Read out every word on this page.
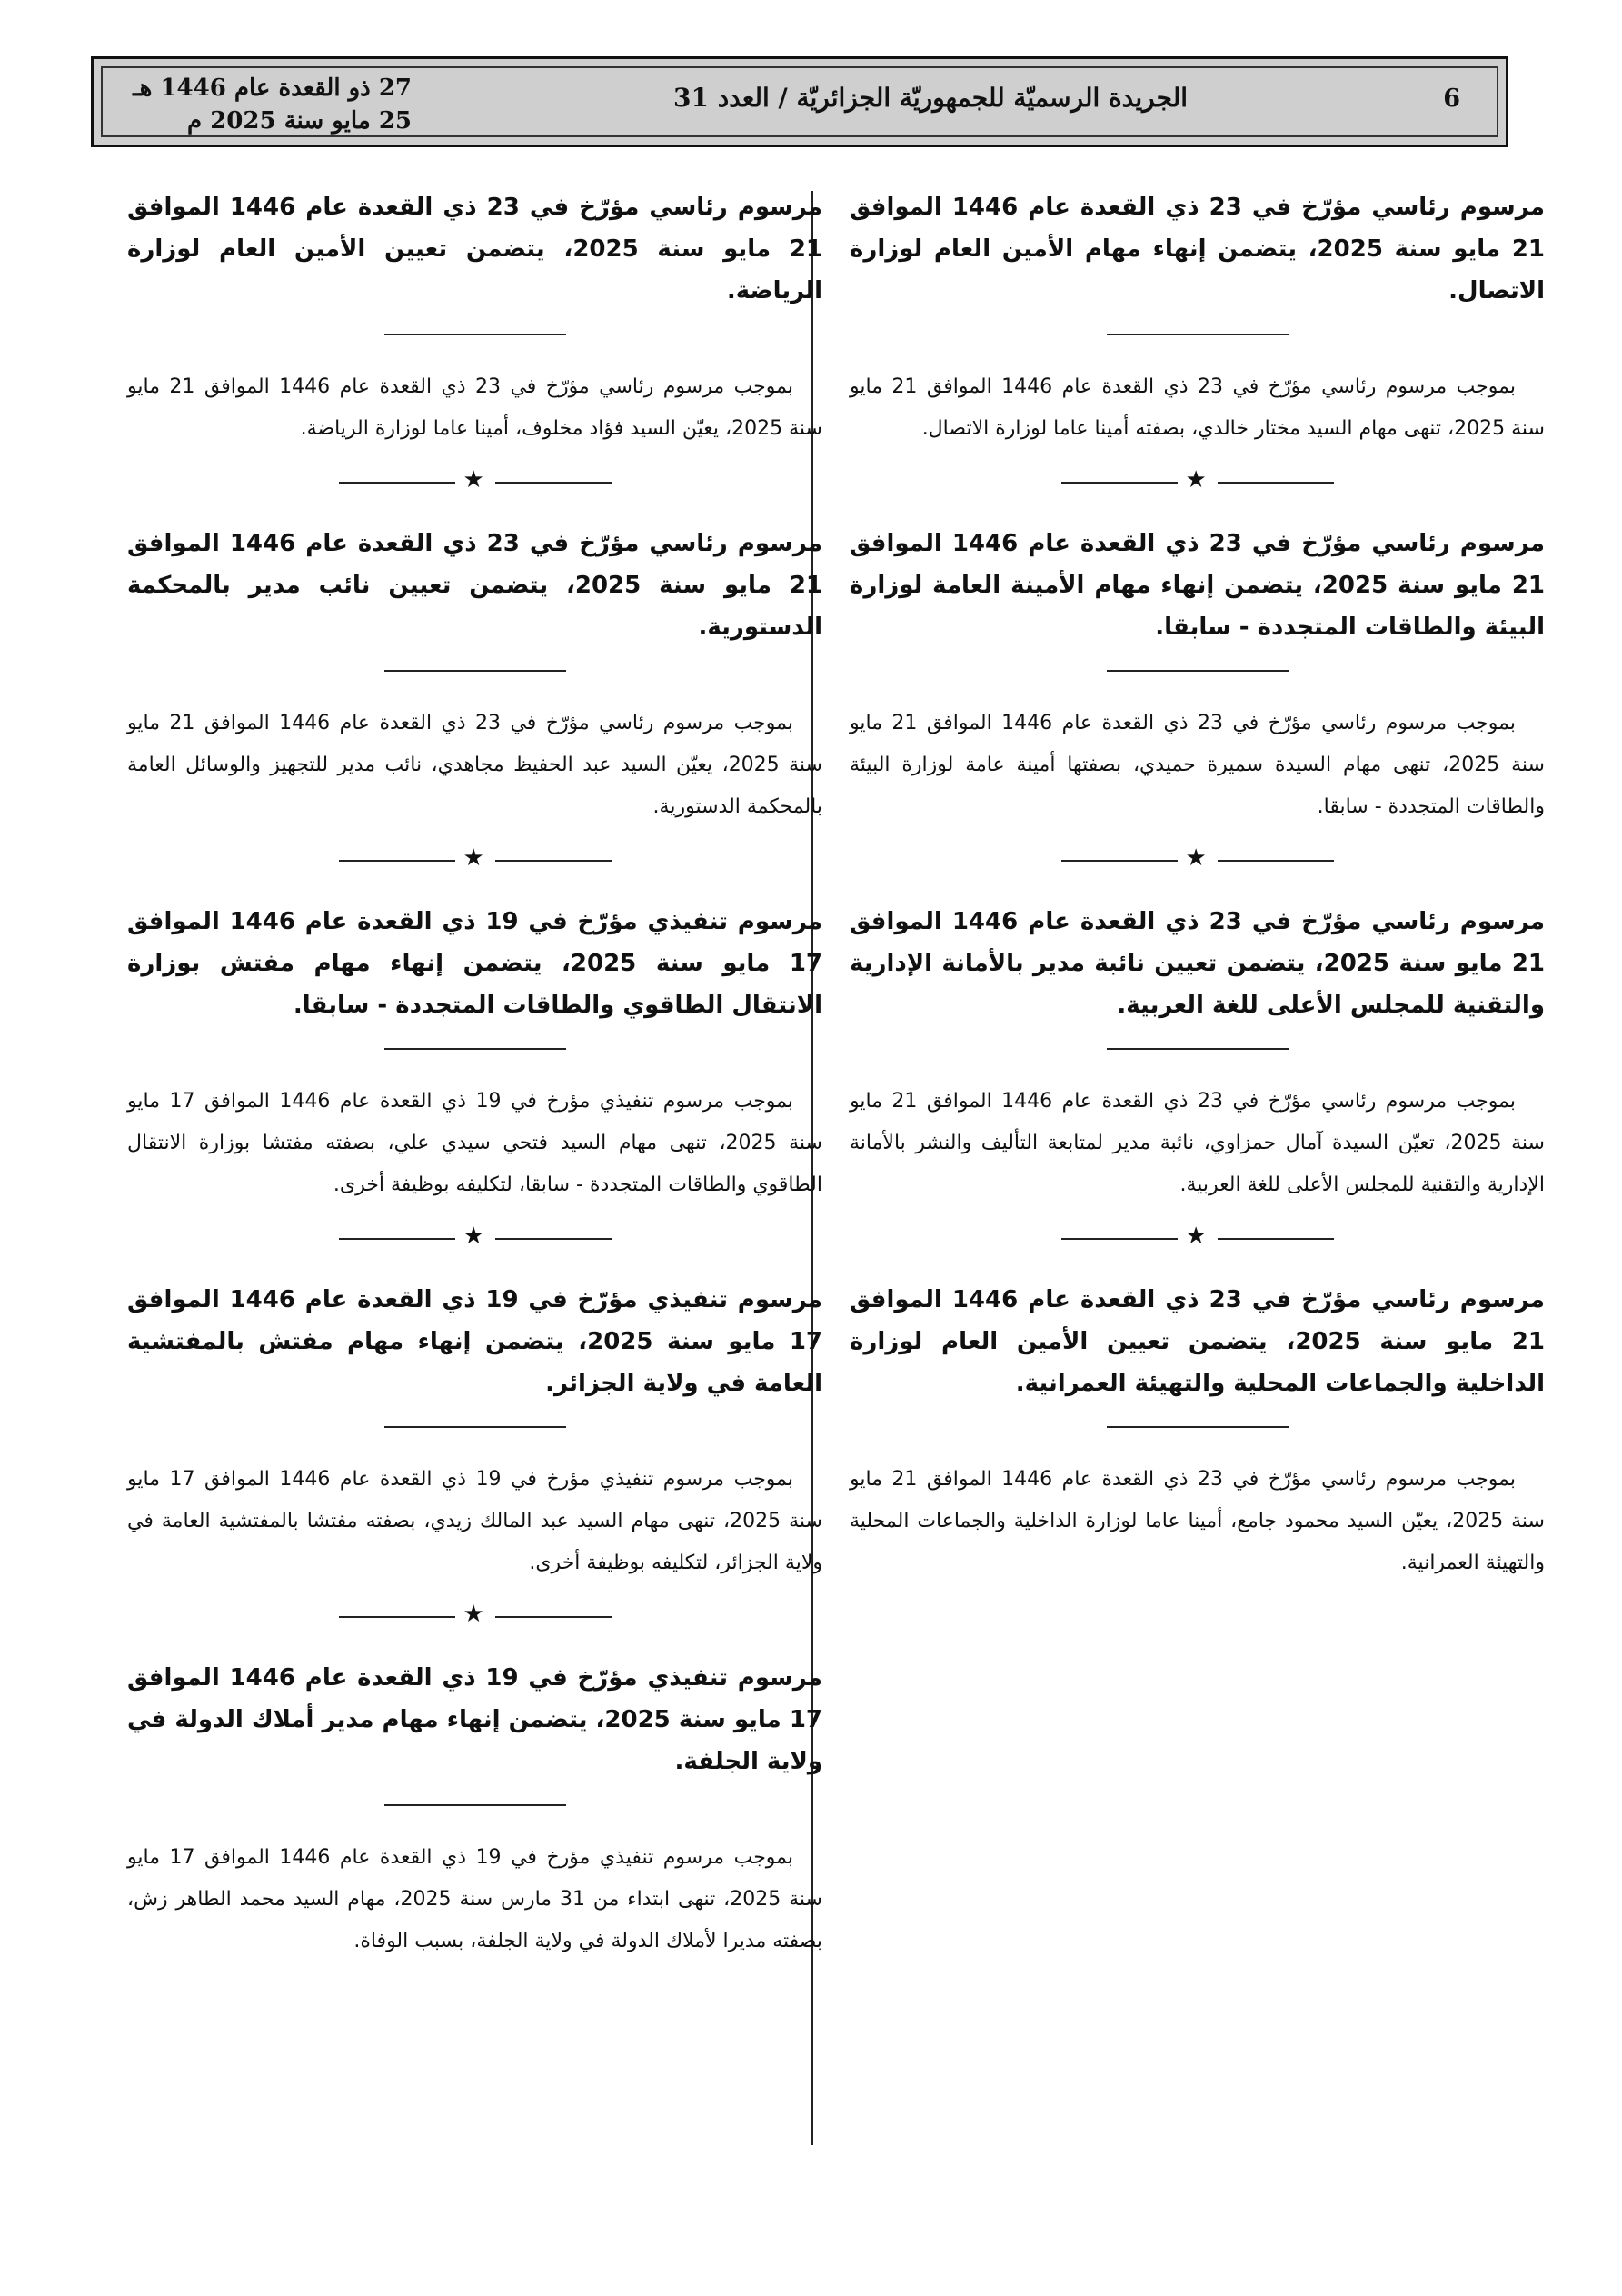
6
الجريدة الرسميّة للجمهوريّة الجزائريّة / العدد 31
27 ذو القعدة عام 1446 هـ
25 مايو سنة 2025 م

مرسوم رئاسي مؤرّخ في 23 ذي القعدة عام 1446 الموافق 21 مايو سنة 2025، يتضمن إنهاء مهام الأمين العام لوزارة الاتصال.

بموجب مرسوم رئاسي مؤرّخ في 23 ذي القعدة عام 1446 الموافق 21 مايو سنة 2025، تنهى مهام السيد مختار خالدي، بصفته أمينا عاما لوزارة الاتصال.

★

مرسوم رئاسي مؤرّخ في 23 ذي القعدة عام 1446 الموافق 21 مايو سنة 2025، يتضمن إنهاء مهام الأمينة العامة لوزارة البيئة والطاقات المتجددة - سابقا.

بموجب مرسوم رئاسي مؤرّخ في 23 ذي القعدة عام 1446 الموافق 21 مايو سنة 2025، تنهى مهام السيدة سميرة حميدي، بصفتها أمينة عامة لوزارة البيئة والطاقات المتجددة - سابقا.

★

مرسوم رئاسي مؤرّخ في 23 ذي القعدة عام 1446 الموافق 21 مايو سنة 2025، يتضمن تعيين نائبة مدير بالأمانة الإدارية والتقنية للمجلس الأعلى للغة العربية.

بموجب مرسوم رئاسي مؤرّخ في 23 ذي القعدة عام 1446 الموافق 21 مايو سنة 2025، تعيّن السيدة آمال حمزاوي، نائبة مدير لمتابعة التأليف والنشر بالأمانة الإدارية والتقنية للمجلس الأعلى للغة العربية.

★

مرسوم رئاسي مؤرّخ في 23 ذي القعدة عام 1446 الموافق 21 مايو سنة 2025، يتضمن تعيين الأمين العام لوزارة الداخلية والجماعات المحلية والتهيئة العمرانية.

بموجب مرسوم رئاسي مؤرّخ في 23 ذي القعدة عام 1446 الموافق 21 مايو سنة 2025، يعيّن السيد محمود جامع، أمينا عاما لوزارة الداخلية والجماعات المحلية والتهيئة العمرانية.

مرسوم رئاسي مؤرّخ في 23 ذي القعدة عام 1446 الموافق 21 مايو سنة 2025، يتضمن تعيين الأمين العام لوزارة الرياضة.

بموجب مرسوم رئاسي مؤرّخ في 23 ذي القعدة عام 1446 الموافق 21 مايو سنة 2025، يعيّن السيد فؤاد مخلوف، أمينا عاما لوزارة الرياضة.

★

مرسوم رئاسي مؤرّخ في 23 ذي القعدة عام 1446 الموافق 21 مايو سنة 2025، يتضمن تعيين نائب مدير بالمحكمة الدستورية.

بموجب مرسوم رئاسي مؤرّخ في 23 ذي القعدة عام 1446 الموافق 21 مايو سنة 2025، يعيّن السيد عبد الحفيظ مجاهدي، نائب مدير للتجهيز والوسائل العامة بالمحكمة الدستورية.

★

مرسوم تنفيذي مؤرّخ في 19 ذي القعدة عام 1446 الموافق 17 مايو سنة 2025، يتضمن إنهاء مهام مفتش بوزارة الانتقال الطاقوي والطاقات المتجددة - سابقا.

بموجب مرسوم تنفيذي مؤرخ في 19 ذي القعدة عام 1446 الموافق 17 مايو سنة 2025، تنهى مهام السيد فتحي سيدي علي، بصفته مفتشا بوزارة الانتقال الطاقوي والطاقات المتجددة - سابقا، لتكليفه بوظيفة أخرى.

★

مرسوم تنفيذي مؤرّخ في 19 ذي القعدة عام 1446 الموافق 17 مايو سنة 2025، يتضمن إنهاء مهام مفتش بالمفتشية العامة في ولاية الجزائر.

بموجب مرسوم تنفيذي مؤرخ في 19 ذي القعدة عام 1446 الموافق 17 مايو سنة 2025، تنهى مهام السيد عبد المالك زيدي، بصفته مفتشا بالمفتشية العامة في ولاية الجزائر، لتكليفه بوظيفة أخرى.

★

مرسوم تنفيذي مؤرّخ في 19 ذي القعدة عام 1446 الموافق 17 مايو سنة 2025، يتضمن إنهاء مهام مدير أملاك الدولة في ولاية الجلفة.

بموجب مرسوم تنفيذي مؤرخ في 19 ذي القعدة عام 1446 الموافق 17 مايو سنة 2025، تنهى ابتداء من 31 مارس سنة 2025، مهام السيد محمد الطاهر زش، بصفته مديرا لأملاك الدولة في ولاية الجلفة، بسبب الوفاة.
